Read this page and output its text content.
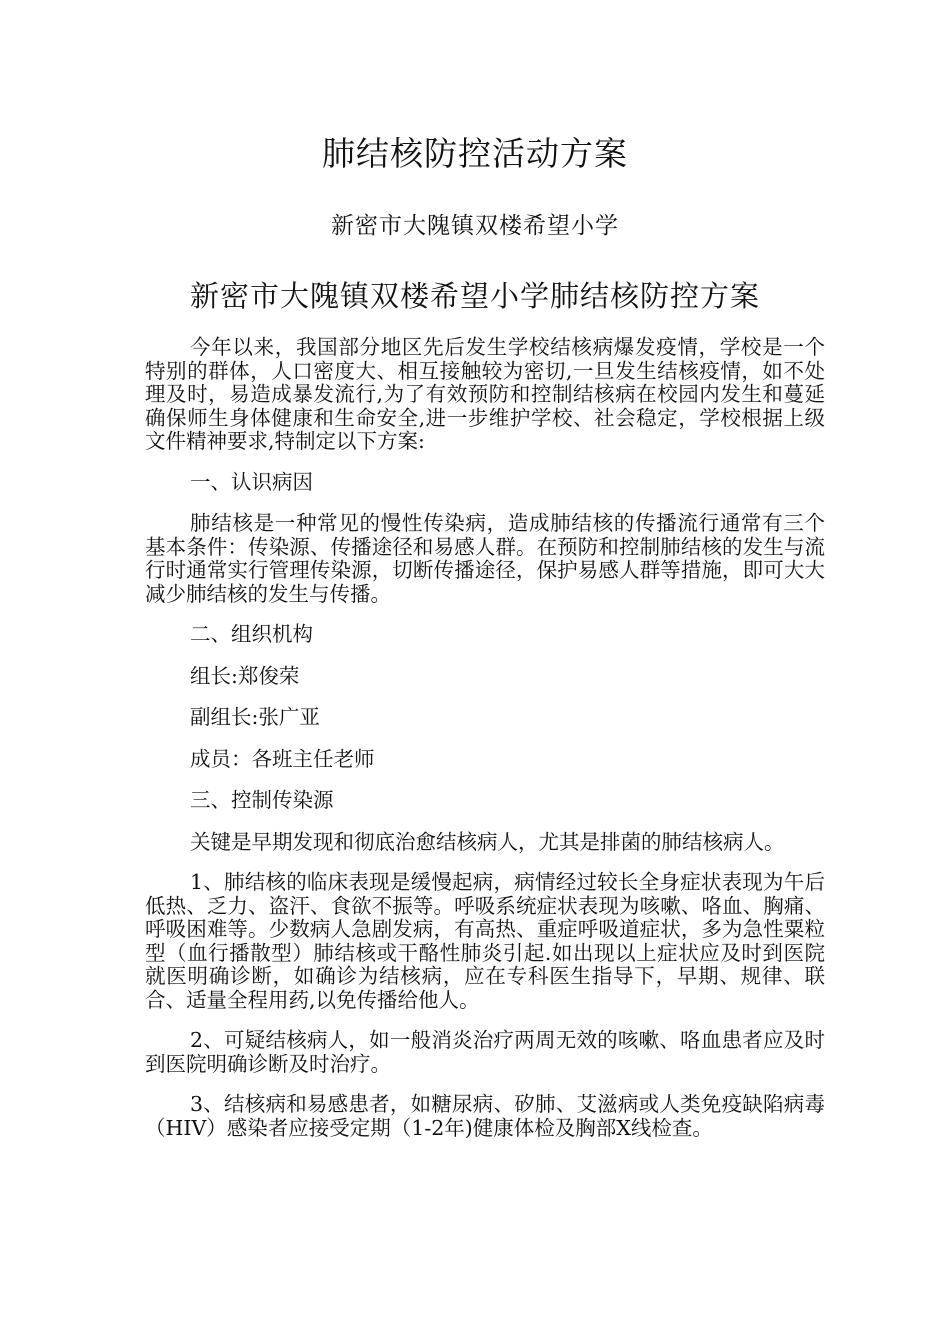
肺结核防控活动方案
新密市大隗镇双楼希望小学
新密市大隗镇双楼希望小学肺结核防控方案

今年以来，我国部分地区先后发生学校结核病爆发疫情，学校是一个特别的群体，人口密度大、相互接触较为密切,一旦发生结核疫情，如不处理及时，易造成暴发流行,为了有效预防和控制结核病在校园内发生和蔓延确保师生身体健康和生命安全,进一步维护学校、社会稳定，学校根据上级文件精神要求,特制定以下方案:

一、认识病因

肺结核是一种常见的慢性传染病，造成肺结核的传播流行通常有三个基本条件：传染源、传播途径和易感人群。在预防和控制肺结核的发生与流行时通常实行管理传染源，切断传播途径，保护易感人群等措施，即可大大减少肺结核的发生与传播。

二、组织机构

组长:郑俊荣

副组长:张广亚

成员：各班主任老师

三、控制传染源

关键是早期发现和彻底治愈结核病人，尤其是排菌的肺结核病人。

1、肺结核的临床表现是缓慢起病，病情经过较长全身症状表现为午后低热、乏力、盗汗、食欲不振等。呼吸系统症状表现为咳嗽、咯血、胸痛、呼吸困难等。少数病人急剧发病，有高热、重症呼吸道症状，多为急性粟粒型（血行播散型）肺结核或干酪性肺炎引起.如出现以上症状应及时到医院就医明确诊断，如确诊为结核病，应在专科医生指导下，早期、规律、联合、适量全程用药,以免传播给他人。

2、可疑结核病人，如一般消炎治疗两周无效的咳嗽、咯血患者应及时到医院明确诊断及时治疗。

3、结核病和易感患者，如糖尿病、矽肺、艾滋病或人类免疫缺陷病毒（HIV）感染者应接受定期（1-2年)健康体检及胸部X线检查。
